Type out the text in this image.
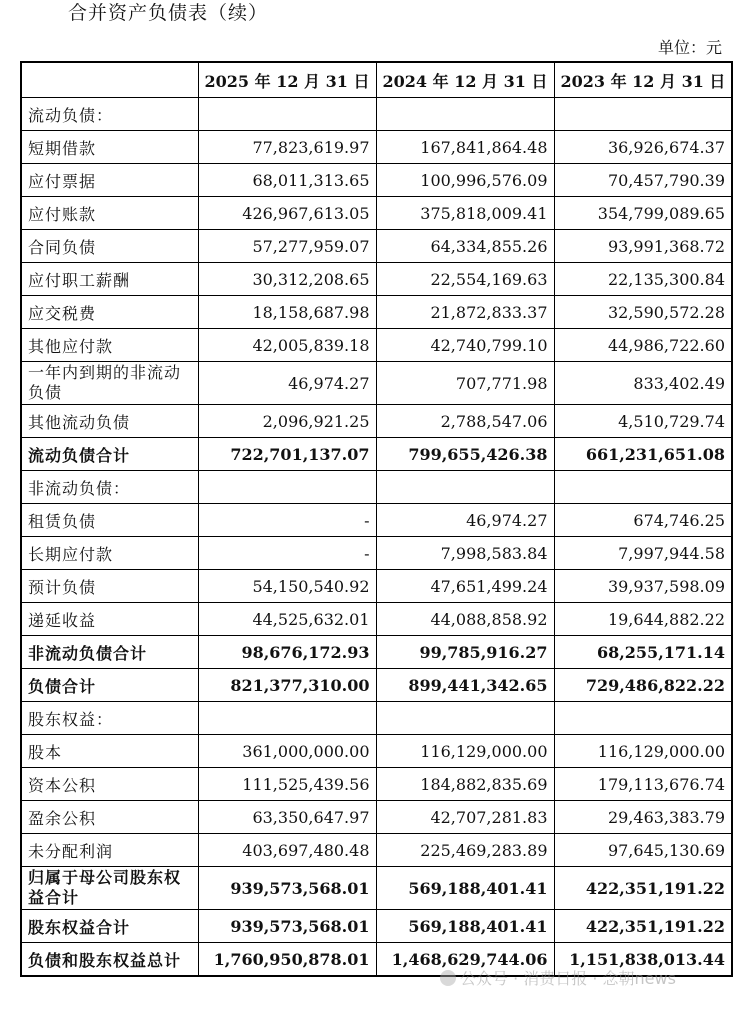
合并资产负债表（续）
单位：元
	2025 年 12 月 31 日	2024 年 12 月 31 日	2023 年 12 月 31 日
流动负债：			
短期借款	77,823,619.97	167,841,864.48	36,926,674.37
应付票据	68,011,313.65	100,996,576.09	70,457,790.39
应付账款	426,967,613.05	375,818,009.41	354,799,089.65
合同负债	57,277,959.07	64,334,855.26	93,991,368.72
应付职工薪酬	30,312,208.65	22,554,169.63	22,135,300.84
应交税费	18,158,687.98	21,872,833.37	32,590,572.28
其他应付款	42,005,839.18	42,740,799.10	44,986,722.60
一年内到期的非流动负债	46,974.27	707,771.98	833,402.49
其他流动负债	2,096,921.25	2,788,547.06	4,510,729.74
流动负债合计	722,701,137.07	799,655,426.38	661,231,651.08
非流动负债：			
租赁负债	-	46,974.27	674,746.25
长期应付款	-	7,998,583.84	7,997,944.58
预计负债	54,150,540.92	47,651,499.24	39,937,598.09
递延收益	44,525,632.01	44,088,858.92	19,644,882.22
非流动负债合计	98,676,172.93	99,785,916.27	68,255,171.14
负债合计	821,377,310.00	899,441,342.65	729,486,822.22
股东权益：			
股本	361,000,000.00	116,129,000.00	116,129,000.00
资本公积	111,525,439.56	184,882,835.69	179,113,676.74
盈余公积	63,350,647.97	42,707,281.83	29,463,383.79
未分配利润	403,697,480.48	225,469,283.89	97,645,130.69
归属于母公司股东权益合计	939,573,568.01	569,188,401.41	422,351,191.22
股东权益合计	939,573,568.01	569,188,401.41	422,351,191.22
负债和股东权益总计	1,760,950,878.01	1,468,629,744.06	1,151,838,013.44
公众号 · 消费日报 · 念朝news
